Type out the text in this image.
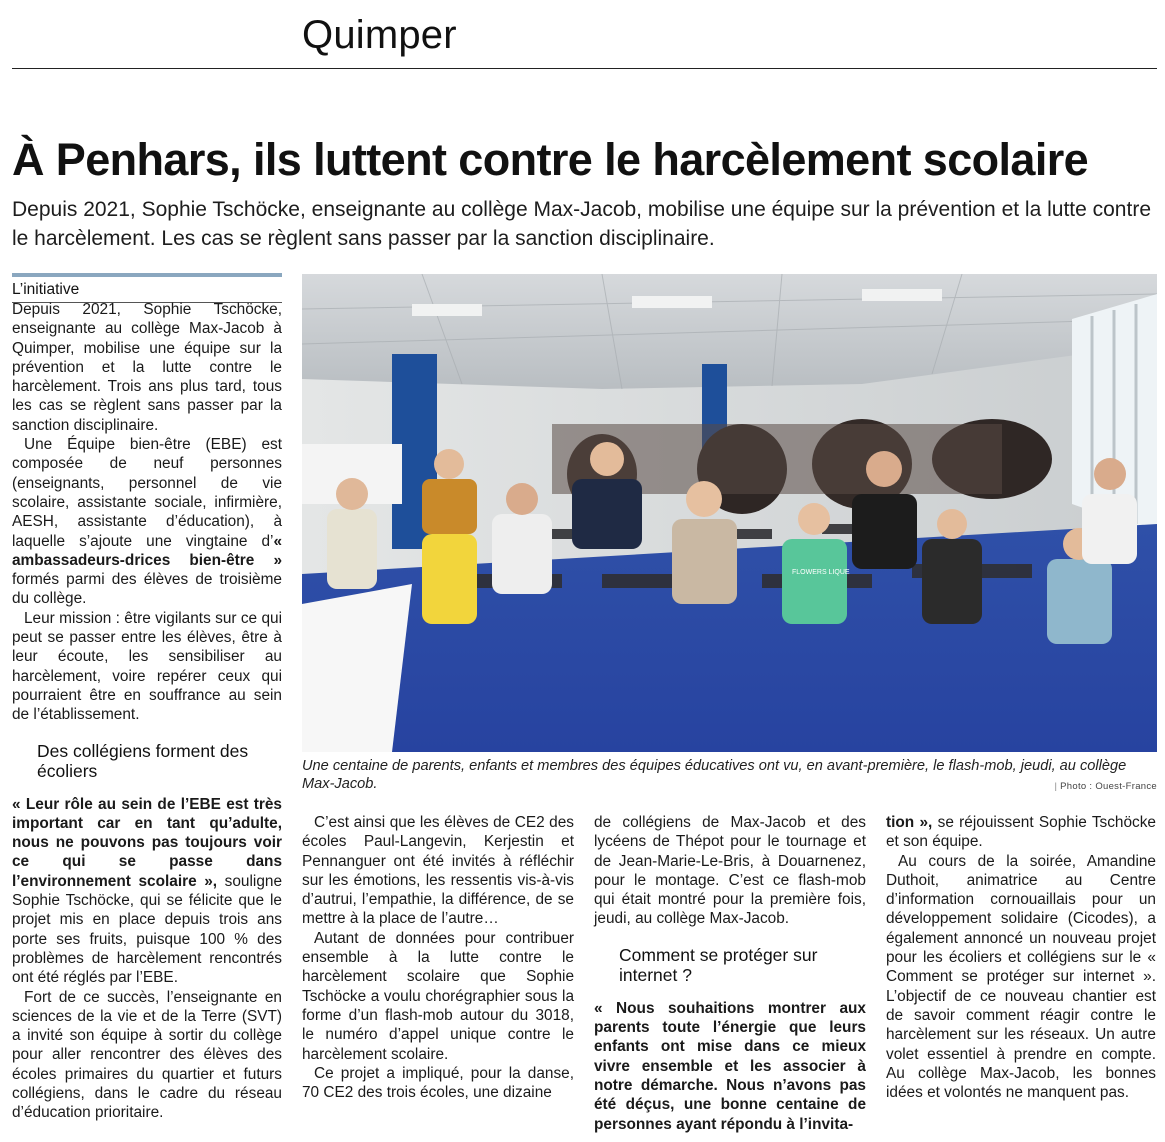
Quimper
À Penhars, ils luttent contre le harcèlement scolaire
Depuis 2021, Sophie Tschöcke, enseignante au collège Max-Jacob, mobilise une équipe sur la prévention et la lutte contre le harcèlement. Les cas se règlent sans passer par la sanction disciplinaire.
L’initiative

Depuis 2021, Sophie Tschöcke, enseignante au collège Max-Jacob à Quimper, mobilise une équipe sur la prévention et la lutte contre le harcèlement. Trois ans plus tard, tous les cas se règlent sans passer par la sanction disciplinaire.

Une Équipe bien-être (EBE) est composée de neuf personnes (enseignants, personnel de vie scolaire, assistante sociale, infirmière, AESH, assistante d’éducation), à laquelle s’ajoute une vingtaine d’« ambassadeurs-drices bien-être » formés parmi des élèves de troisième du collège.

Leur mission : être vigilants sur ce qui peut se passer entre les élèves, être à leur écoute, les sensibiliser au harcèlement, voire repérer ceux qui pourraient être en souffrance au sein de l’établissement.

Des collégiens forment des écoliers

« Leur rôle au sein de l’EBE est très important car en tant qu’adulte, nous ne pouvons pas toujours voir ce qui se passe dans l’environnement scolaire », souligne Sophie Tschöcke, qui se félicite que le projet mis en place depuis trois ans porte ses fruits, puisque 100 % des problèmes de harcèlement rencontrés ont été réglés par l’EBE.

Fort de ce succès, l’enseignante en sciences de la vie et de la Terre (SVT) a invité son équipe à sortir du collège pour aller rencontrer des élèves des écoles primaires du quartier et futurs collégiens, dans le cadre du réseau d’éducation prioritaire.

FLOWERS LIQUE
Une centaine de parents, enfants et membres des équipes éducatives ont vu, en avant-première, le flash-mob, jeudi, au collège Max-Jacob.
|	Photo : Ouest-France

C’est ainsi que les élèves de CE2 des écoles Paul-Langevin, Kerjestin et Pennanguer ont été invités à réfléchir sur les émotions, les ressentis vis-à-vis d’autrui, l’empathie, la différence, de se mettre à la place de l’autre…

Autant de données pour contribuer ensemble à la lutte contre le harcèlement scolaire que Sophie Tschöcke a voulu chorégraphier sous la forme d’un flash-mob autour du 3018, le numéro d’appel unique contre le harcèlement scolaire.

Ce projet a impliqué, pour la danse, 70 CE2 des trois écoles, une dizaine

de collégiens de Max-Jacob et des lycéens de Thépot pour le tournage et de Jean-Marie-Le-Bris, à Douarnenez, pour le montage. C’est ce flash-mob qui était montré pour la première fois, jeudi, au collège Max-Jacob.

Comment se protéger sur internet ?

« Nous souhaitions montrer aux parents toute l’énergie que leurs enfants ont mise dans ce mieux vivre ensemble et les associer à notre démarche. Nous n’avons pas été déçus, une bonne centaine de personnes ayant répondu à l’invita-

tion », se réjouissent Sophie Tschöcke et son équipe.

Au cours de la soirée, Amandine Duthoit, animatrice au Centre d’information cornouaillais pour un développement solidaire (Cicodes), a également annoncé un nouveau projet pour les écoliers et collégiens sur le « Comment se protéger sur internet ». L’objectif de ce nouveau chantier est de savoir comment réagir contre le harcèlement sur les réseaux. Un autre volet essentiel à prendre en compte. Au collège Max-Jacob, les bonnes idées et volontés ne manquent pas.
